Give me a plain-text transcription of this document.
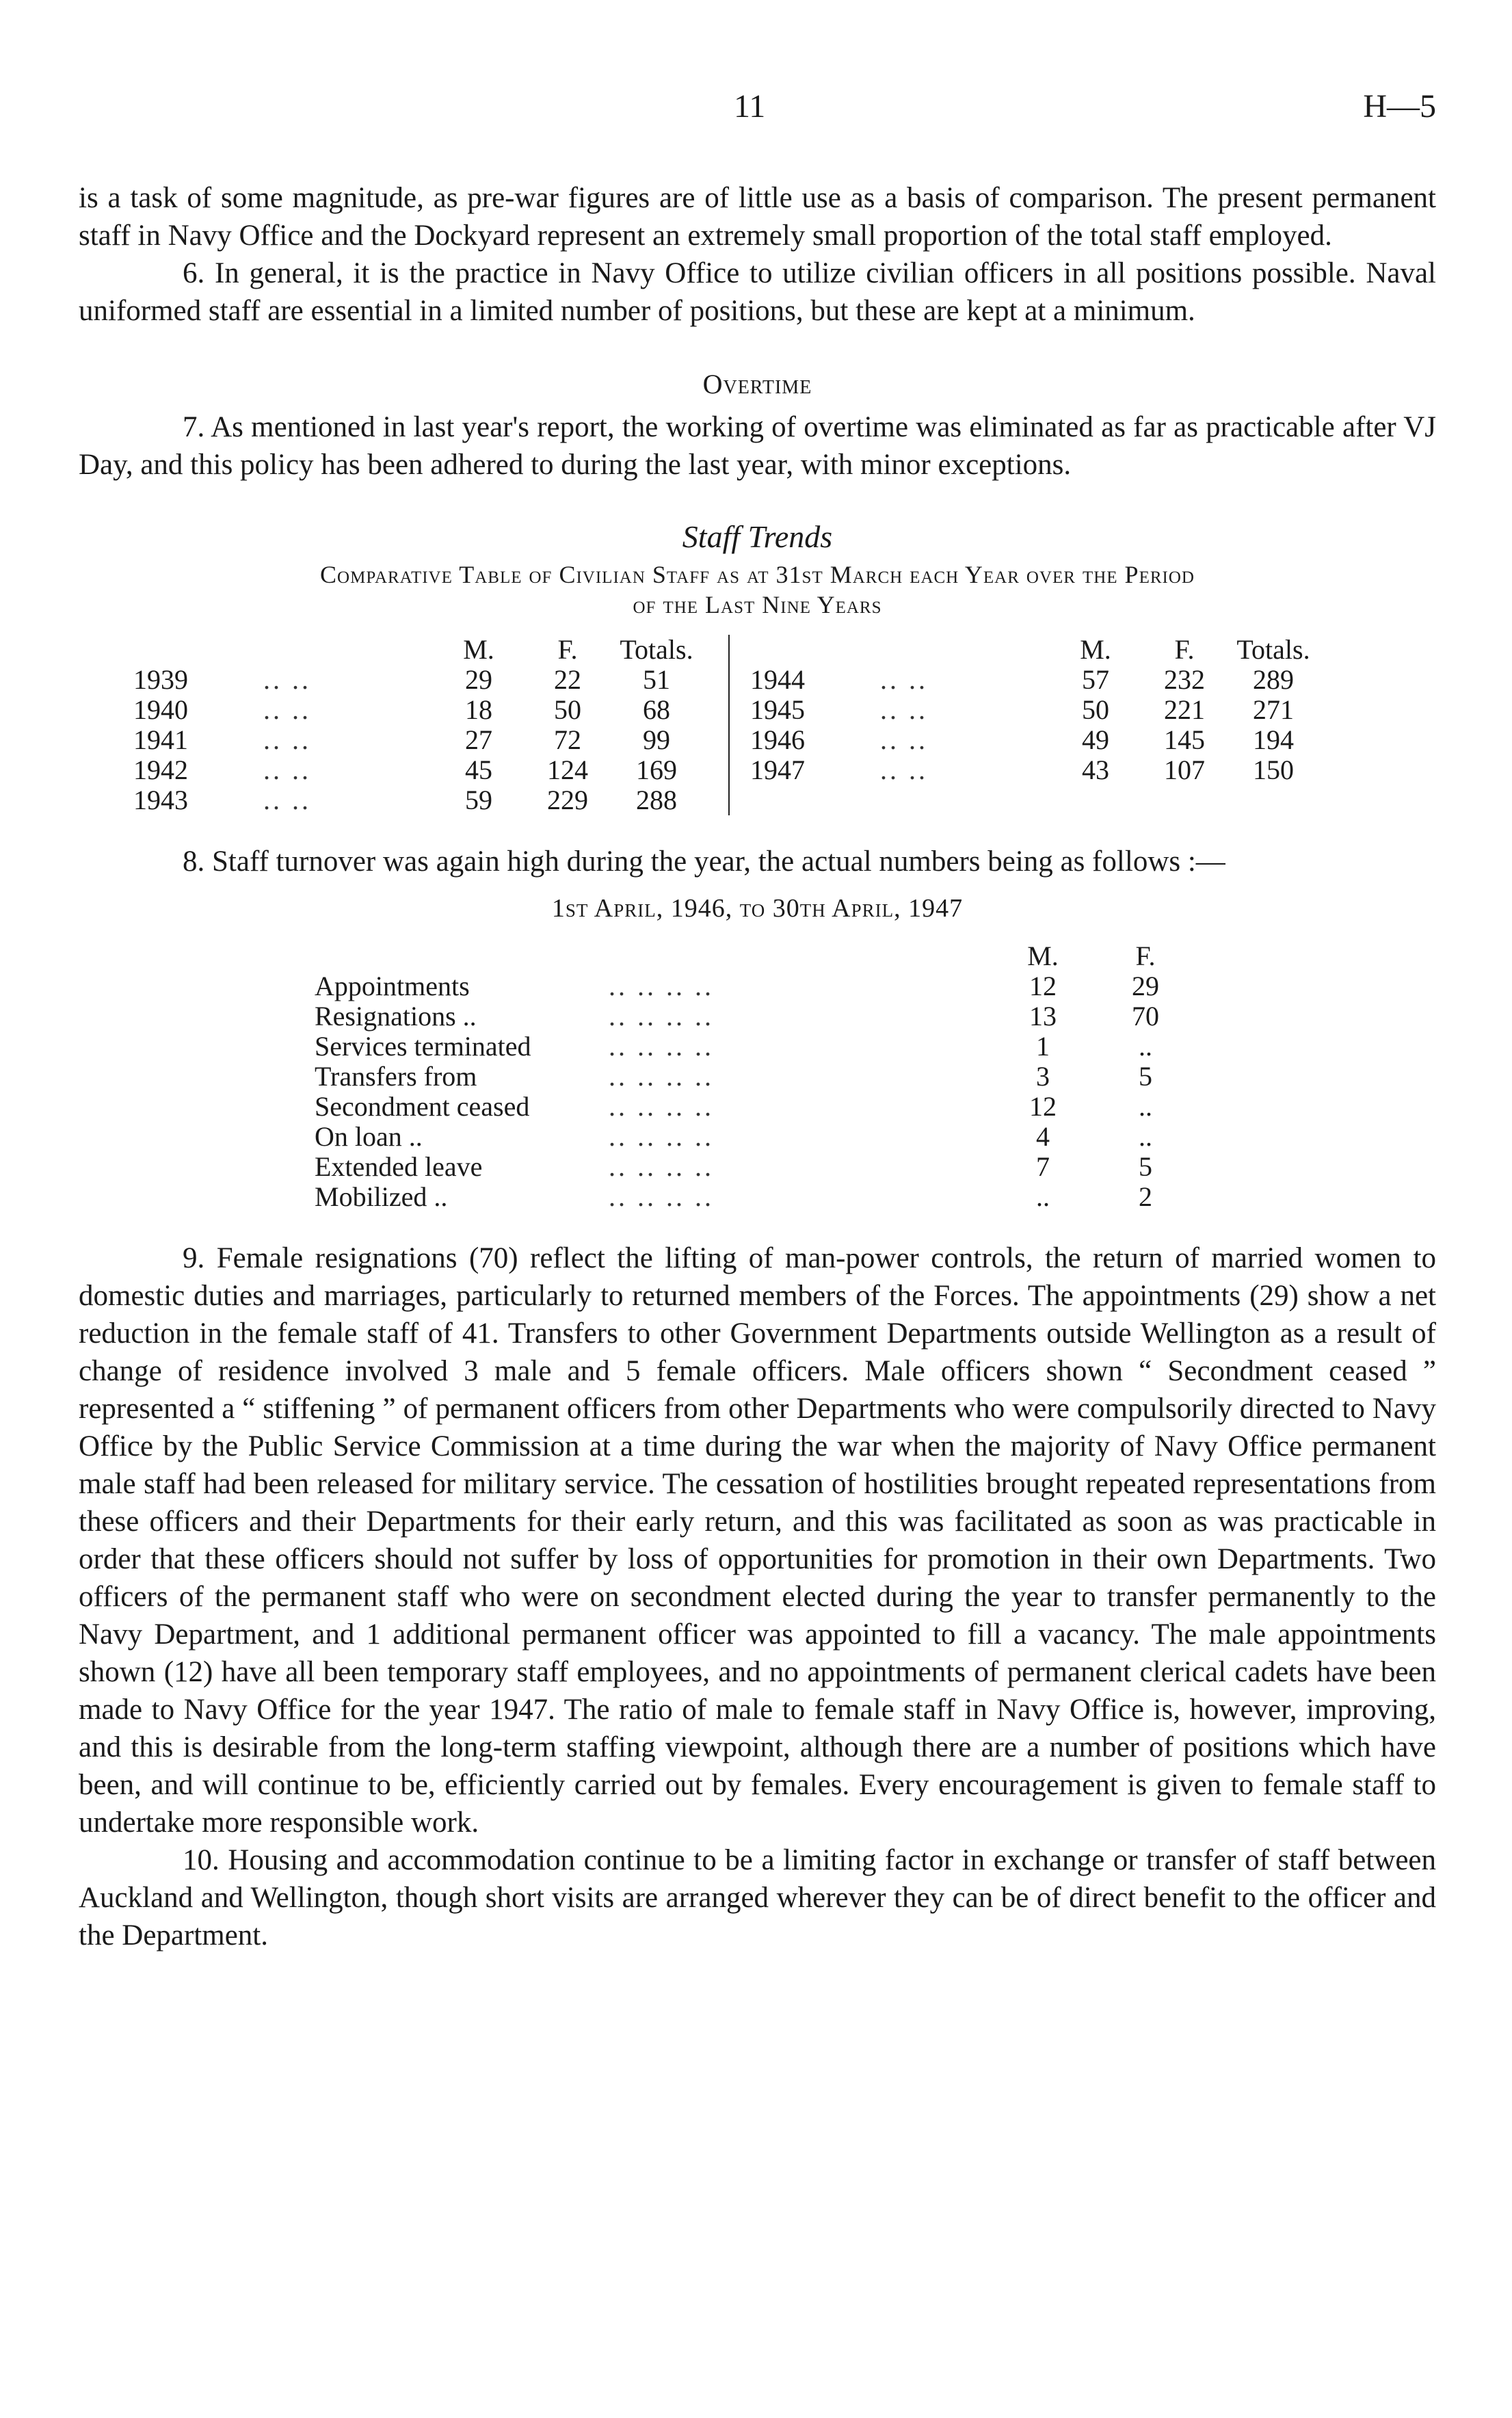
11	H—5

is a task of some magnitude, as pre-war figures are of little use as a basis of comparison. The present permanent staff in Navy Office and the Dockyard represent an extremely small proportion of the total staff employed.

6. In general, it is the practice in Navy Office to utilize civilian officers in all positions possible. Naval uniformed staff are essential in a limited number of positions, but these are kept at a minimum.

Overtime

7. As mentioned in last year's report, the working of overtime was eliminated as far as practicable after VJ Day, and this policy has been adhered to during the last year, with minor exceptions.

Staff Trends
Comparative Table of Civilian Staff as at 31st March each Year over the Period
of the Last Nine Years
		M.	F.	Totals.					M.	F.	Totals.
1939	.. ..	29	22	51			1944	.. ..	57	232	289
1940	.. ..	18	50	68			1945	.. ..	50	221	271
1941	.. ..	27	72	99			1946	.. ..	49	145	194
1942	.. ..	45	124	169			1947	.. ..	43	107	150
1943	.. ..	59	229	288							

8. Staff turnover was again high during the year, the actual numbers being as follows :—

1st April, 1946, to 30th April, 1947
		M.	F.
Appointments	.. .. .. ..	12	29
Resignations ..	.. .. .. ..	13	70
Services terminated	.. .. .. ..	1	..
Transfers from	.. .. .. ..	3	5
Secondment ceased	.. .. .. ..	12	..
On loan ..	.. .. .. ..	4	..
Extended leave	.. .. .. ..	7	5
Mobilized ..	.. .. .. ..	..	2

9. Female resignations (70) reflect the lifting of man-power controls, the return of married women to domestic duties and marriages, particularly to returned members of the Forces. The appointments (29) show a net reduction in the female staff of 41. Transfers to other Government Departments outside Wellington as a result of change of residence involved 3 male and 5 female officers. Male officers shown “ Secondment ceased ” represented a “ stiffening ” of permanent officers from other Departments who were compulsorily directed to Navy Office by the Public Service Commission at a time during the war when the majority of Navy Office permanent male staff had been released for military service. The cessation of hostilities brought repeated representations from these officers and their Departments for their early return, and this was facilitated as soon as was practicable in order that these officers should not suffer by loss of opportunities for promotion in their own Departments. Two officers of the permanent staff who were on secondment elected during the year to transfer permanently to the Navy Department, and 1 additional permanent officer was appointed to fill a vacancy. The male appointments shown (12) have all been temporary staff employees, and no appointments of permanent clerical cadets have been made to Navy Office for the year 1947. The ratio of male to female staff in Navy Office is, however, improving, and this is desirable from the long-term staffing viewpoint, although there are a number of positions which have been, and will continue to be, efficiently carried out by females. Every encouragement is given to female staff to undertake more responsible work.

10. Housing and accommodation continue to be a limiting factor in exchange or transfer of staff between Auckland and Wellington, though short visits are arranged wherever they can be of direct benefit to the officer and the Department.
